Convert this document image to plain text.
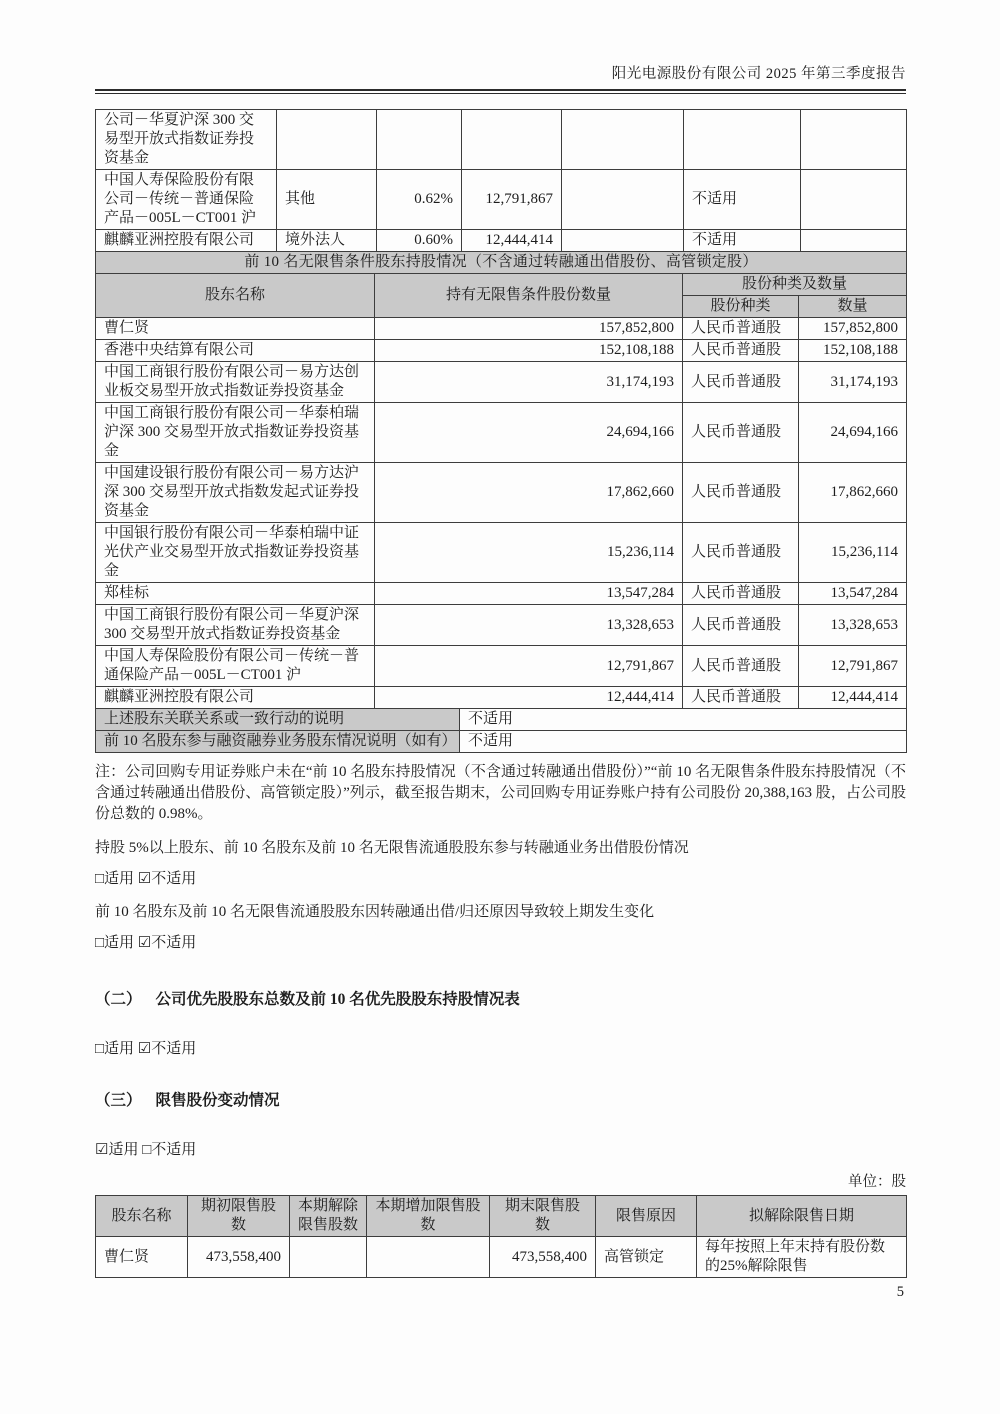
阳光电源股份有限公司 2025 年第三季度报告
公司－华夏沪深 300 交易型开放式指数证券投资基金						
中国人寿保险股份有限公司－传统－普通保险产品－005L－CT001 沪	其他	0.62%	12,791,867		不适用	
麒麟亚洲控股有限公司	境外法人	0.60%	12,444,414		不适用	
前 10 名无限售条件股东持股情况（不含通过转融通出借股份、高管锁定股）			
股东名称	持有无限售条件股份数量	股份种类及数量	
		股份种类	数量
曹仁贤	157,852,800	人民币普通股	157,852,800
香港中央结算有限公司	152,108,188	人民币普通股	152,108,188
中国工商银行股份有限公司－易方达创业板交易型开放式指数证券投资基金	31,174,193	人民币普通股	31,174,193
中国工商银行股份有限公司－华泰柏瑞沪深 300 交易型开放式指数证券投资基金	24,694,166	人民币普通股	24,694,166
中国建设银行股份有限公司－易方达沪深 300 交易型开放式指数发起式证券投资基金	17,862,660	人民币普通股	17,862,660
中国银行股份有限公司－华泰柏瑞中证光伏产业交易型开放式指数证券投资基金	15,236,114	人民币普通股	15,236,114
郑桂标	13,547,284	人民币普通股	13,547,284
中国工商银行股份有限公司－华夏沪深 300 交易型开放式指数证券投资基金	13,328,653	人民币普通股	13,328,653
中国人寿保险股份有限公司－传统－普通保险产品－005L－CT001 沪	12,791,867	人民币普通股	12,791,867
麒麟亚洲控股有限公司	12,444,414	人民币普通股	12,444,414
上述股东关联关系或一致行动的说明	不适用
前 10 名股东参与融资融券业务股东情况说明（如有）	不适用

注：公司回购专用证券账户未在“前 10 名股东持股情况（不含通过转融通出借股份）”“前 10 名无限售条件股东持股情况（不含通过转融通出借股份、高管锁定股）”列示，截至报告期末，公司回购专用证券账户持有公司股份 20,388,163 股，占公司股份总数的 0.98%。

持股 5%以上股东、前 10 名股东及前 10 名无限售流通股股东参与转融通业务出借股份情况

□适用 ☑不适用

前 10 名股东及前 10 名无限售流通股股东因转融通出借/归还原因导致较上期发生变化

□适用 ☑不适用

（二） 公司优先股股东总数及前 10 名优先股股东持股情况表

□适用 ☑不适用

（三） 限售股份变动情况

☑适用 □不适用

单位：股

股东名称	期初限售股数	本期解除限售股数	本期增加限售股数	期末限售股数	限售原因	拟解除限售日期
曹仁贤	473,558,400			473,558,400	高管锁定	每年按照上年末持有股份数的25%解除限售

5
